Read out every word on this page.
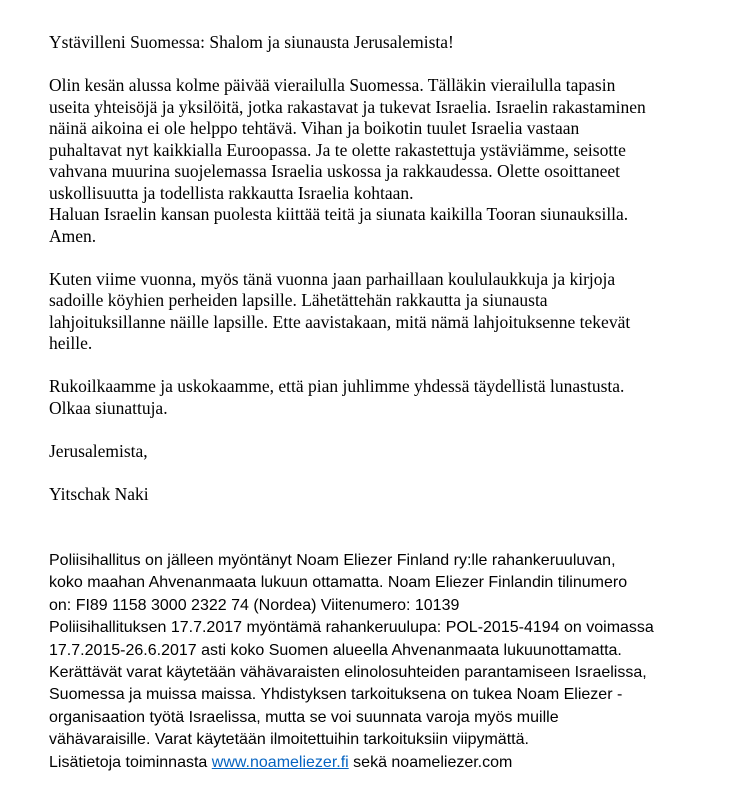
Ystävilleni Suomessa: Shalom ja siunausta Jerusalemista!

Olin kesän alussa kolme päivää vierailulla Suomessa. Tälläkin vierailulla tapasin
useita yhteisöjä ja yksilöitä, jotka rakastavat ja tukevat Israelia. Israelin rakastaminen
näinä aikoina ei ole helppo tehtävä. Vihan ja boikotin tuulet Israelia vastaan
puhaltavat nyt kaikkialla Euroopassa. Ja te olette rakastettuja ystäviämme, seisotte
vahvana muurina suojelemassa Israelia uskossa ja rakkaudessa. Olette osoittaneet
uskollisuutta ja todellista rakkautta Israelia kohtaan.
Haluan Israelin kansan puolesta kiittää teitä ja siunata kaikilla Tooran siunauksilla.
Amen.

Kuten viime vuonna, myös tänä vuonna jaan parhaillaan koululaukkuja ja kirjoja
sadoille köyhien perheiden lapsille. Lähetättehän rakkautta ja siunausta
lahjoituksillanne näille lapsille. Ette aavistakaan, mitä nämä lahjoituksenne tekevät
heille.

Rukoilkaamme ja uskokaamme, että pian juhlimme yhdessä täydellistä lunastusta.
Olkaa siunattuja.

Jerusalemista,

Yitschak Naki

Poliisihallitus on jälleen myöntänyt Noam Eliezer Finland ry:lle rahankeruuluvan,
koko maahan Ahvenanmaata lukuun ottamatta. Noam Eliezer Finlandin tilinumero
on: FI89 1158 3000 2322 74 (Nordea) Viitenumero: 10139
Poliisihallituksen 17.7.2017 myöntämä rahankeruulupa: POL-2015-4194 on voimassa
17.7.2015-26.6.2017 asti koko Suomen alueella Ahvenanmaata lukuunottamatta.
Kerättävät varat käytetään vähävaraisten elinolosuhteiden parantamiseen Israelissa,
Suomessa ja muissa maissa. Yhdistyksen tarkoituksena on tukea Noam Eliezer -
organisaation työtä Israelissa, mutta se voi suunnata varoja myös muille
vähävaraisille. Varat käytetään ilmoitettuihin tarkoituksiin viipymättä.
Lisätietoja toiminnasta www.noameliezer.fi sekä noameliezer.com
